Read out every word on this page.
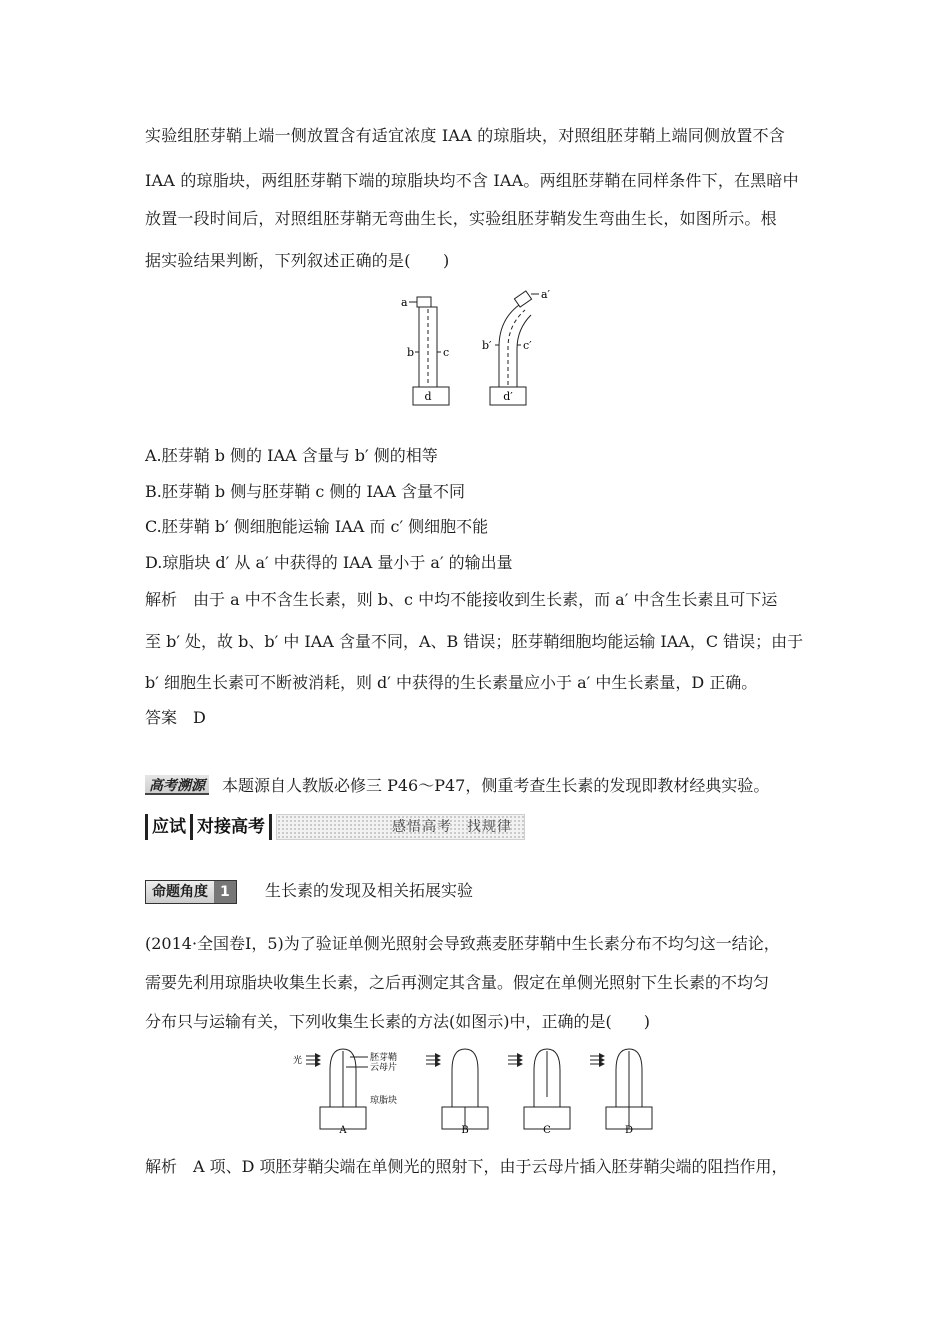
实验组胚芽鞘上端一侧放置含有适宜浓度 IAA 的琼脂块，对照组胚芽鞘上端同侧放置不含
IAA 的琼脂块，两组胚芽鞘下端的琼脂块均不含 IAA。两组胚芽鞘在同样条件下，在黑暗中
放置一段时间后，对照组胚芽鞘无弯曲生长，实验组胚芽鞘发生弯曲生长，如图所示。根
据实验结果判断，下列叙述正确的是(　　)
a
b	c
d
a′
b′	c′
d′
A.胚芽鞘 b 侧的 IAA 含量与 b′ 侧的相等
B.胚芽鞘 b 侧与胚芽鞘 c 侧的 IAA 含量不同
C.胚芽鞘 b′ 侧细胞能运输 IAA 而 c′ 侧细胞不能
D.琼脂块 d′ 从 a′ 中获得的 IAA 量小于 a′ 的输出量
解析　由于 a 中不含生长素，则 b、c 中均不能接收到生长素，而 a′ 中含生长素且可下运
至 b′ 处，故 b、b′ 中 IAA 含量不同，A、B 错误；胚芽鞘细胞均能运输 IAA，C 错误；由于
b′ 细胞生长素可不断被消耗，则 d′ 中获得的生长素量应小于 a′ 中生长素量，D 正确。
答案　D
高考溯源 本题源自人教版必修三 P46～P47，侧重考查生长素的发现即教材经典实验。
应试 对接高考	感悟高考　找规律
命题角度 1	生长素的发现及相关拓展实验
(2014·全国卷Ⅰ，5)为了验证单侧光照射会导致燕麦胚芽鞘中生长素分布不均匀这一结论，
需要先利用琼脂块收集生长素，之后再测定其含量。假定在单侧光照射下生长素的不均匀
分布只与运输有关，下列收集生长素的方法(如图示)中，正确的是(　　)
光	胚芽鞘
云母片
琼脂块
A	B	C	D
解析　A 项、D 项胚芽鞘尖端在单侧光的照射下，由于云母片插入胚芽鞘尖端的阻挡作用，
